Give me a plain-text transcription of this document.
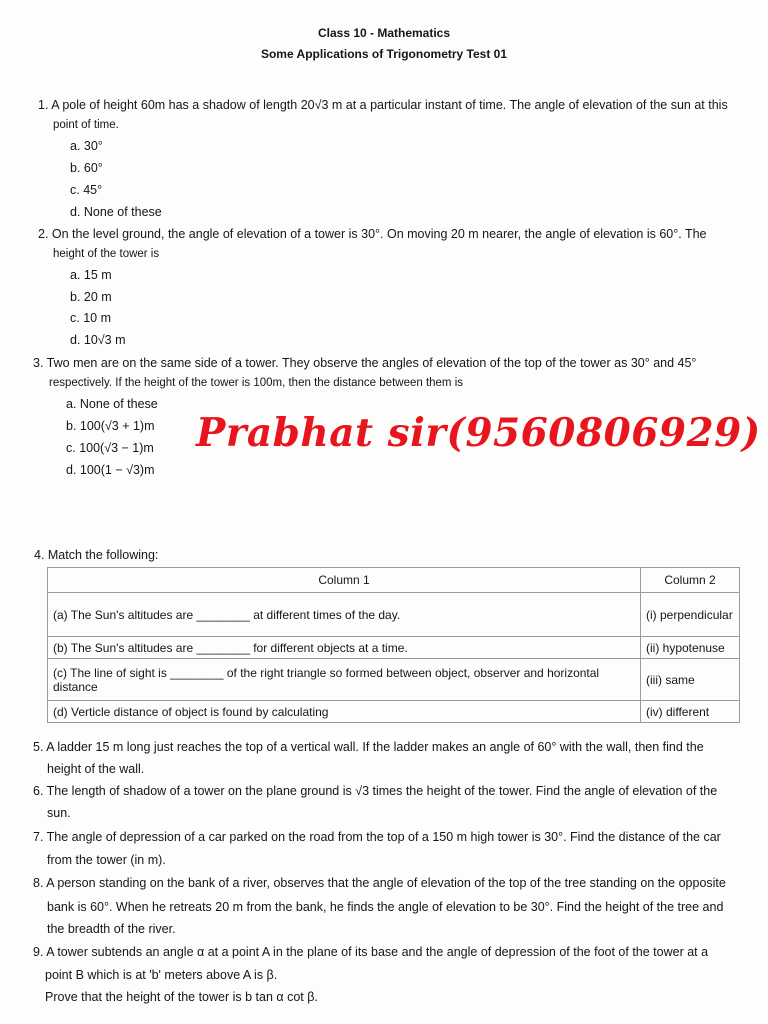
Class 10 - Mathematics
Some Applications of Trigonometry Test 01
1. A pole of height 60m has a shadow of length 20√3 m at a particular instant of time. The angle of elevation of the sun at this
point of time.
a. 30°
b. 60°
c. 45°
d. None of these
2. On the level ground, the angle of elevation of a tower is 30°. On moving 20 m nearer, the angle of elevation is 60°. The
height of the tower is
a. 15 m
b. 20 m
c. 10 m
d. 10√3 m
3. Two men are on the same side of a tower. They observe the angles of elevation of the top of the tower as 30° and 45°
respectively. If the height of the tower is 100m, then the distance between them is
a. None of these
b. 100(√3 + 1)m
c. 100(√3 − 1)m
d. 100(1 − √3)m
Prabhat sir(9560806929)
4. Match the following:
Column 1	Column 2
(a) The Sun's altitudes are ________ at different times of the day.	(i) perpendicular
(b) The Sun's altitudes are ________ for different objects at a time.	(ii) hypotenuse
(c) The line of sight is ________ of the right triangle so formed between object, observer and horizontal distance	(iii) same
(d) Verticle distance of object is found by calculating	(iv) different
5. A ladder 15 m long just reaches the top of a vertical wall. If the ladder makes an angle of 60° with the wall, then find the
height of the wall.
6. The length of shadow of a tower on the plane ground is √3 times the height of the tower. Find the angle of elevation of the
sun.
7. The angle of depression of a car parked on the road from the top of a 150 m high tower is 30°. Find the distance of the car
from the tower (in m).
8. A person standing on the bank of a river, observes that the angle of elevation of the top of the tree standing on the opposite
bank is 60°. When he retreats 20 m from the bank, he finds the angle of elevation to be 30°. Find the height of the tree and
the breadth of the river.
9. A tower subtends an angle α at a point A in the plane of its base and the angle of depression of the foot of the tower at a
point B which is at 'b' meters above A is β.
Prove that the height of the tower is b tan α cot β.
